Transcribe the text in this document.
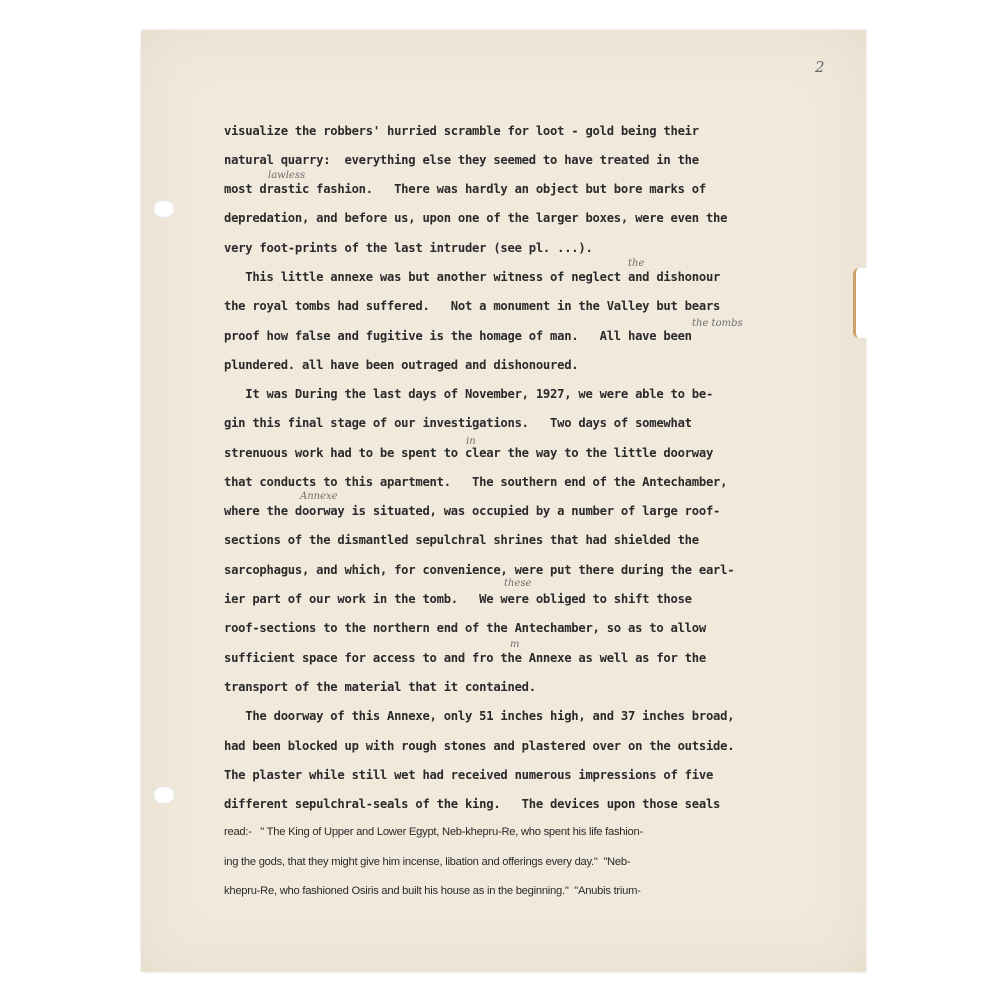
2

visualize the robbers' hurried scramble for loot - gold being their

natural quarry:  everything else they seemed to have treated in the

most drastic fashion.   There was hardly an object but bore marks of

depredation, and before us, upon one of the larger boxes, were even the

very foot-prints of the last intruder (see pl. ...).

This little annexe was but another witness of neglect and dishonour

the royal tombs had suffered.   Not a monument in the Valley but bears

proof how false and fugitive is the homage of man.   All have been

plundered. all have been outraged and dishonoured.

It was During the last days of November, 1927, we were able to be-

gin this final stage of our investigations.   Two days of somewhat

strenuous work had to be spent to clear the way to the little doorway

that conducts to this apartment.   The southern end of the Antechamber,

where the doorway is situated, was occupied by a number of large roof-

sections of the dismantled sepulchral shrines that had shielded the

sarcophagus, and which, for convenience, were put there during the earl-

ier part of our work in the tomb.   We were obliged to shift those

roof-sections to the northern end of the Antechamber, so as to allow

sufficient space for access to and fro the Annexe as well as for the

transport of the material that it contained.

The doorway of this Annexe, only 51 inches high, and 37 inches broad,

had been blocked up with rough stones and plastered over on the outside.

The plaster while still wet had received numerous impressions of five

different sepulchral-seals of the king.   The devices upon those seals

read:-   " The King of Upper and Lower Egypt, Neb-khepru-Re, who spent his life fashion-

ing the gods, that they might give him incense, libation and offerings every day."  "Neb-

khepru-Re, who fashioned Osiris and built his house as in the beginning."  "Anubis trium-

lawless
the
the tombs
Annexe
in
these
m
